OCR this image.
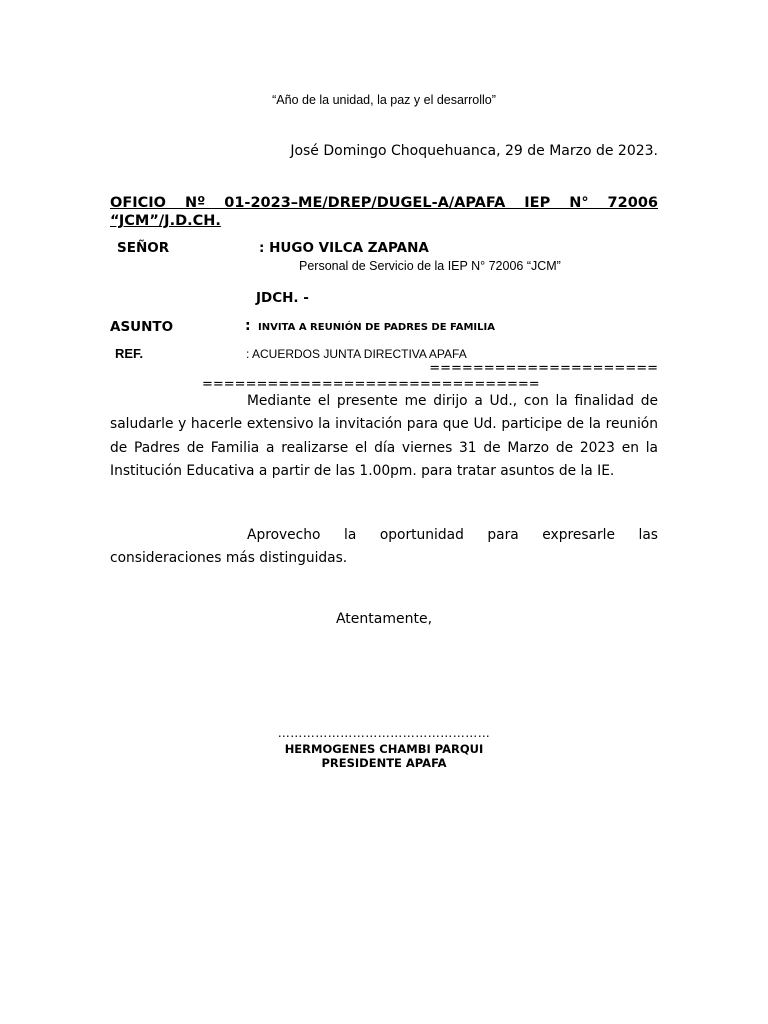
“Año de la unidad, la paz y el desarrollo”
José Domingo Choquehuanca, 29 de Marzo de 2023.
OFICIO Nº 01-2023–ME/DREP/DUGEL-A/APAFA IEP N° 72006
“JCM”/J.D.CH.
SEÑOR	: HUGO VILCA ZAPANA
Personal de Servicio de la IEP N° 72006 “JCM”
JDCH. -
ASUNTO	: INVITA A REUNIÓN DE PADRES DE FAMILIA
REF.	: ACUERDOS JUNTA DIRECTIVA APAFA
=====================
===============================
Mediante el presente me dirijo a Ud., con la finalidad de saludarle y hacerle extensivo la invitación para que Ud. participe de la reunión de Padres de Familia a realizarse el día viernes 31 de Marzo de 2023 en la Institución Educativa a partir de las 1.00pm. para tratar asuntos de la IE.
Aprovecho la oportunidad para expresarle las consideraciones más distinguidas.
Atentamente,
……………………………………………
HERMOGENES CHAMBI PARQUI
PRESIDENTE APAFA
